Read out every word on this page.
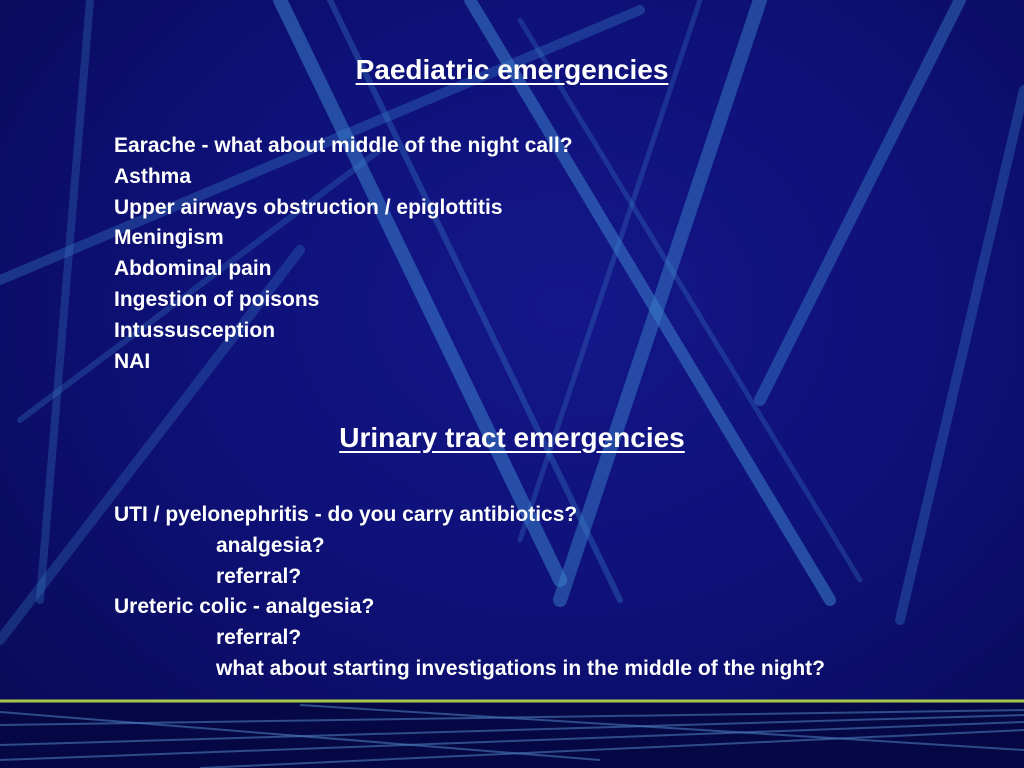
Paediatric emergencies
Earache - what about middle of the night call?
Asthma
Upper airways obstruction / epiglottitis
Meningism
Abdominal pain
Ingestion of poisons
Intussusception
NAI
Urinary tract emergencies
UTI / pyelonephritis - do you carry antibiotics?
analgesia?
referral?
Ureteric colic - analgesia?
referral?
what about starting investigations in the middle of the night?
